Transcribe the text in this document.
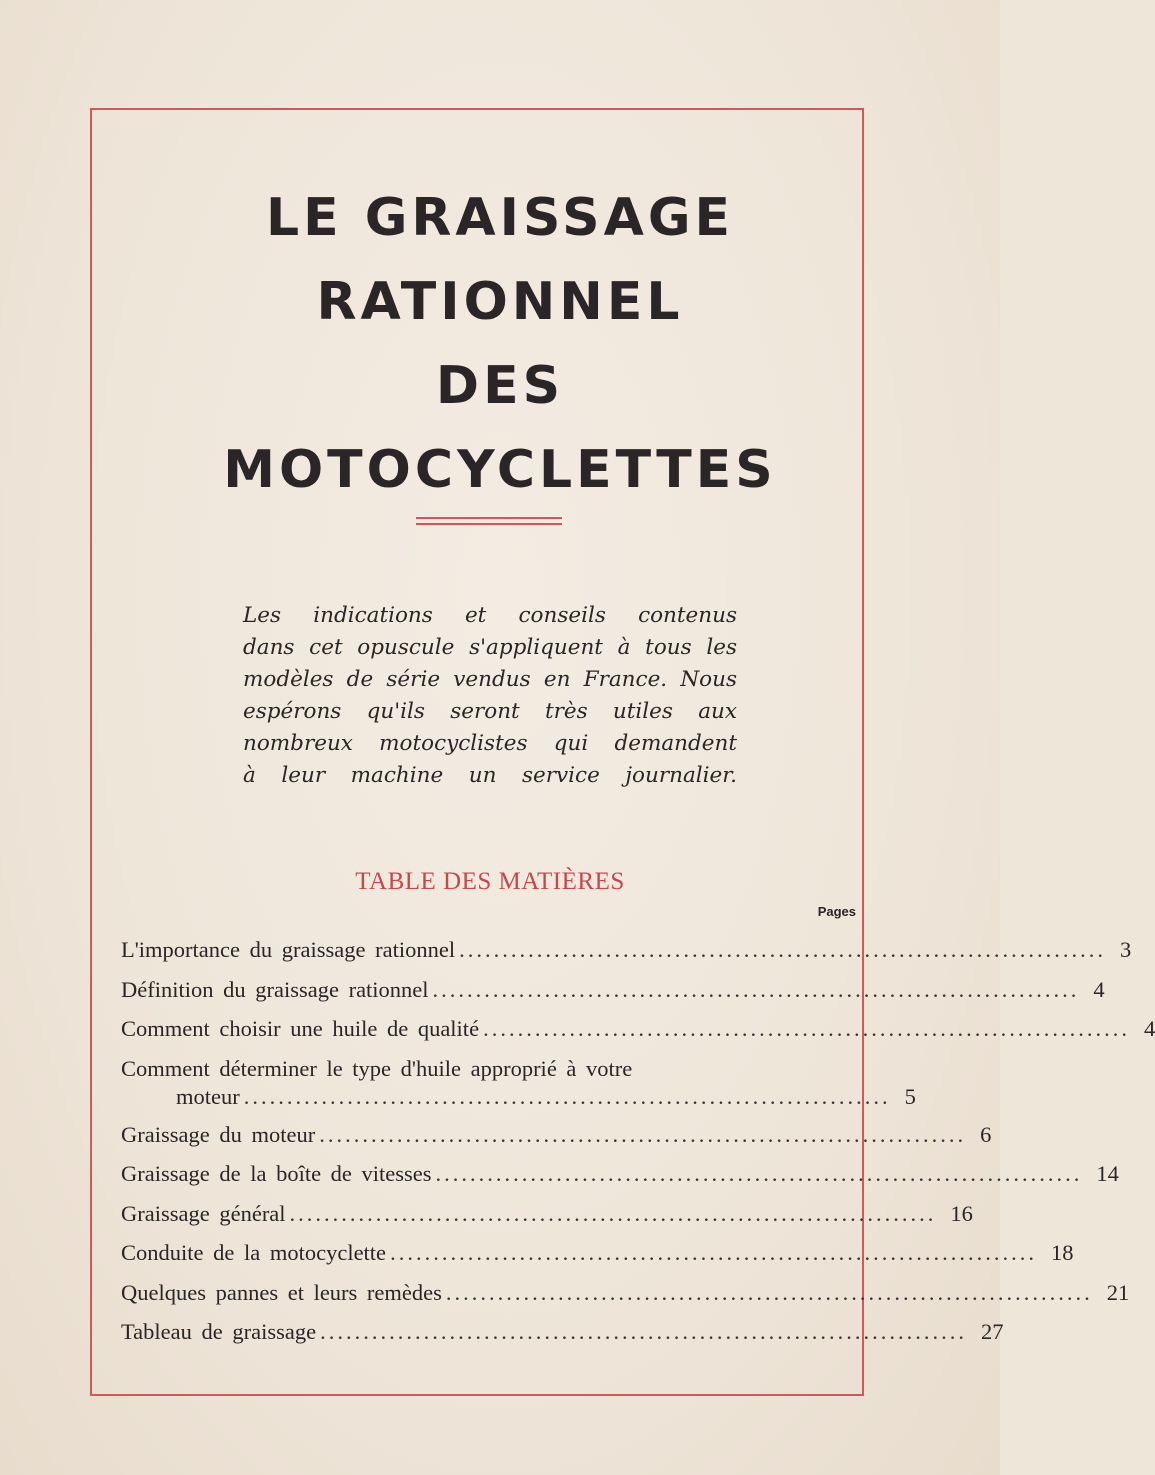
LE GRAISSAGE
RATIONNEL
DES
MOTOCYCLETTES
Les indications et conseils contenus
dans cet opuscule s'appliquent à tous les
modèles de série vendus en France. Nous
espérons qu'ils seront très utiles aux
nombreux motocyclistes qui demandent
à leur machine un service journalier.
TABLE DES MATIÈRES
Pages
L'importance du graissage rationnel ........................................................................... 3
Définition du graissage rationnel ........................................................................... 4
Comment choisir une huile de qualité ........................................................................... 4
Comment déterminer le type d'huile approprié à votre
moteur ........................................................................... 5
Graissage du moteur ........................................................................... 6
Graissage de la boîte de vitesses ........................................................................... 14
Graissage général ........................................................................... 16
Conduite de la motocyclette ........................................................................... 18
Quelques pannes et leurs remèdes ........................................................................... 21
Tableau de graissage ........................................................................... 27
